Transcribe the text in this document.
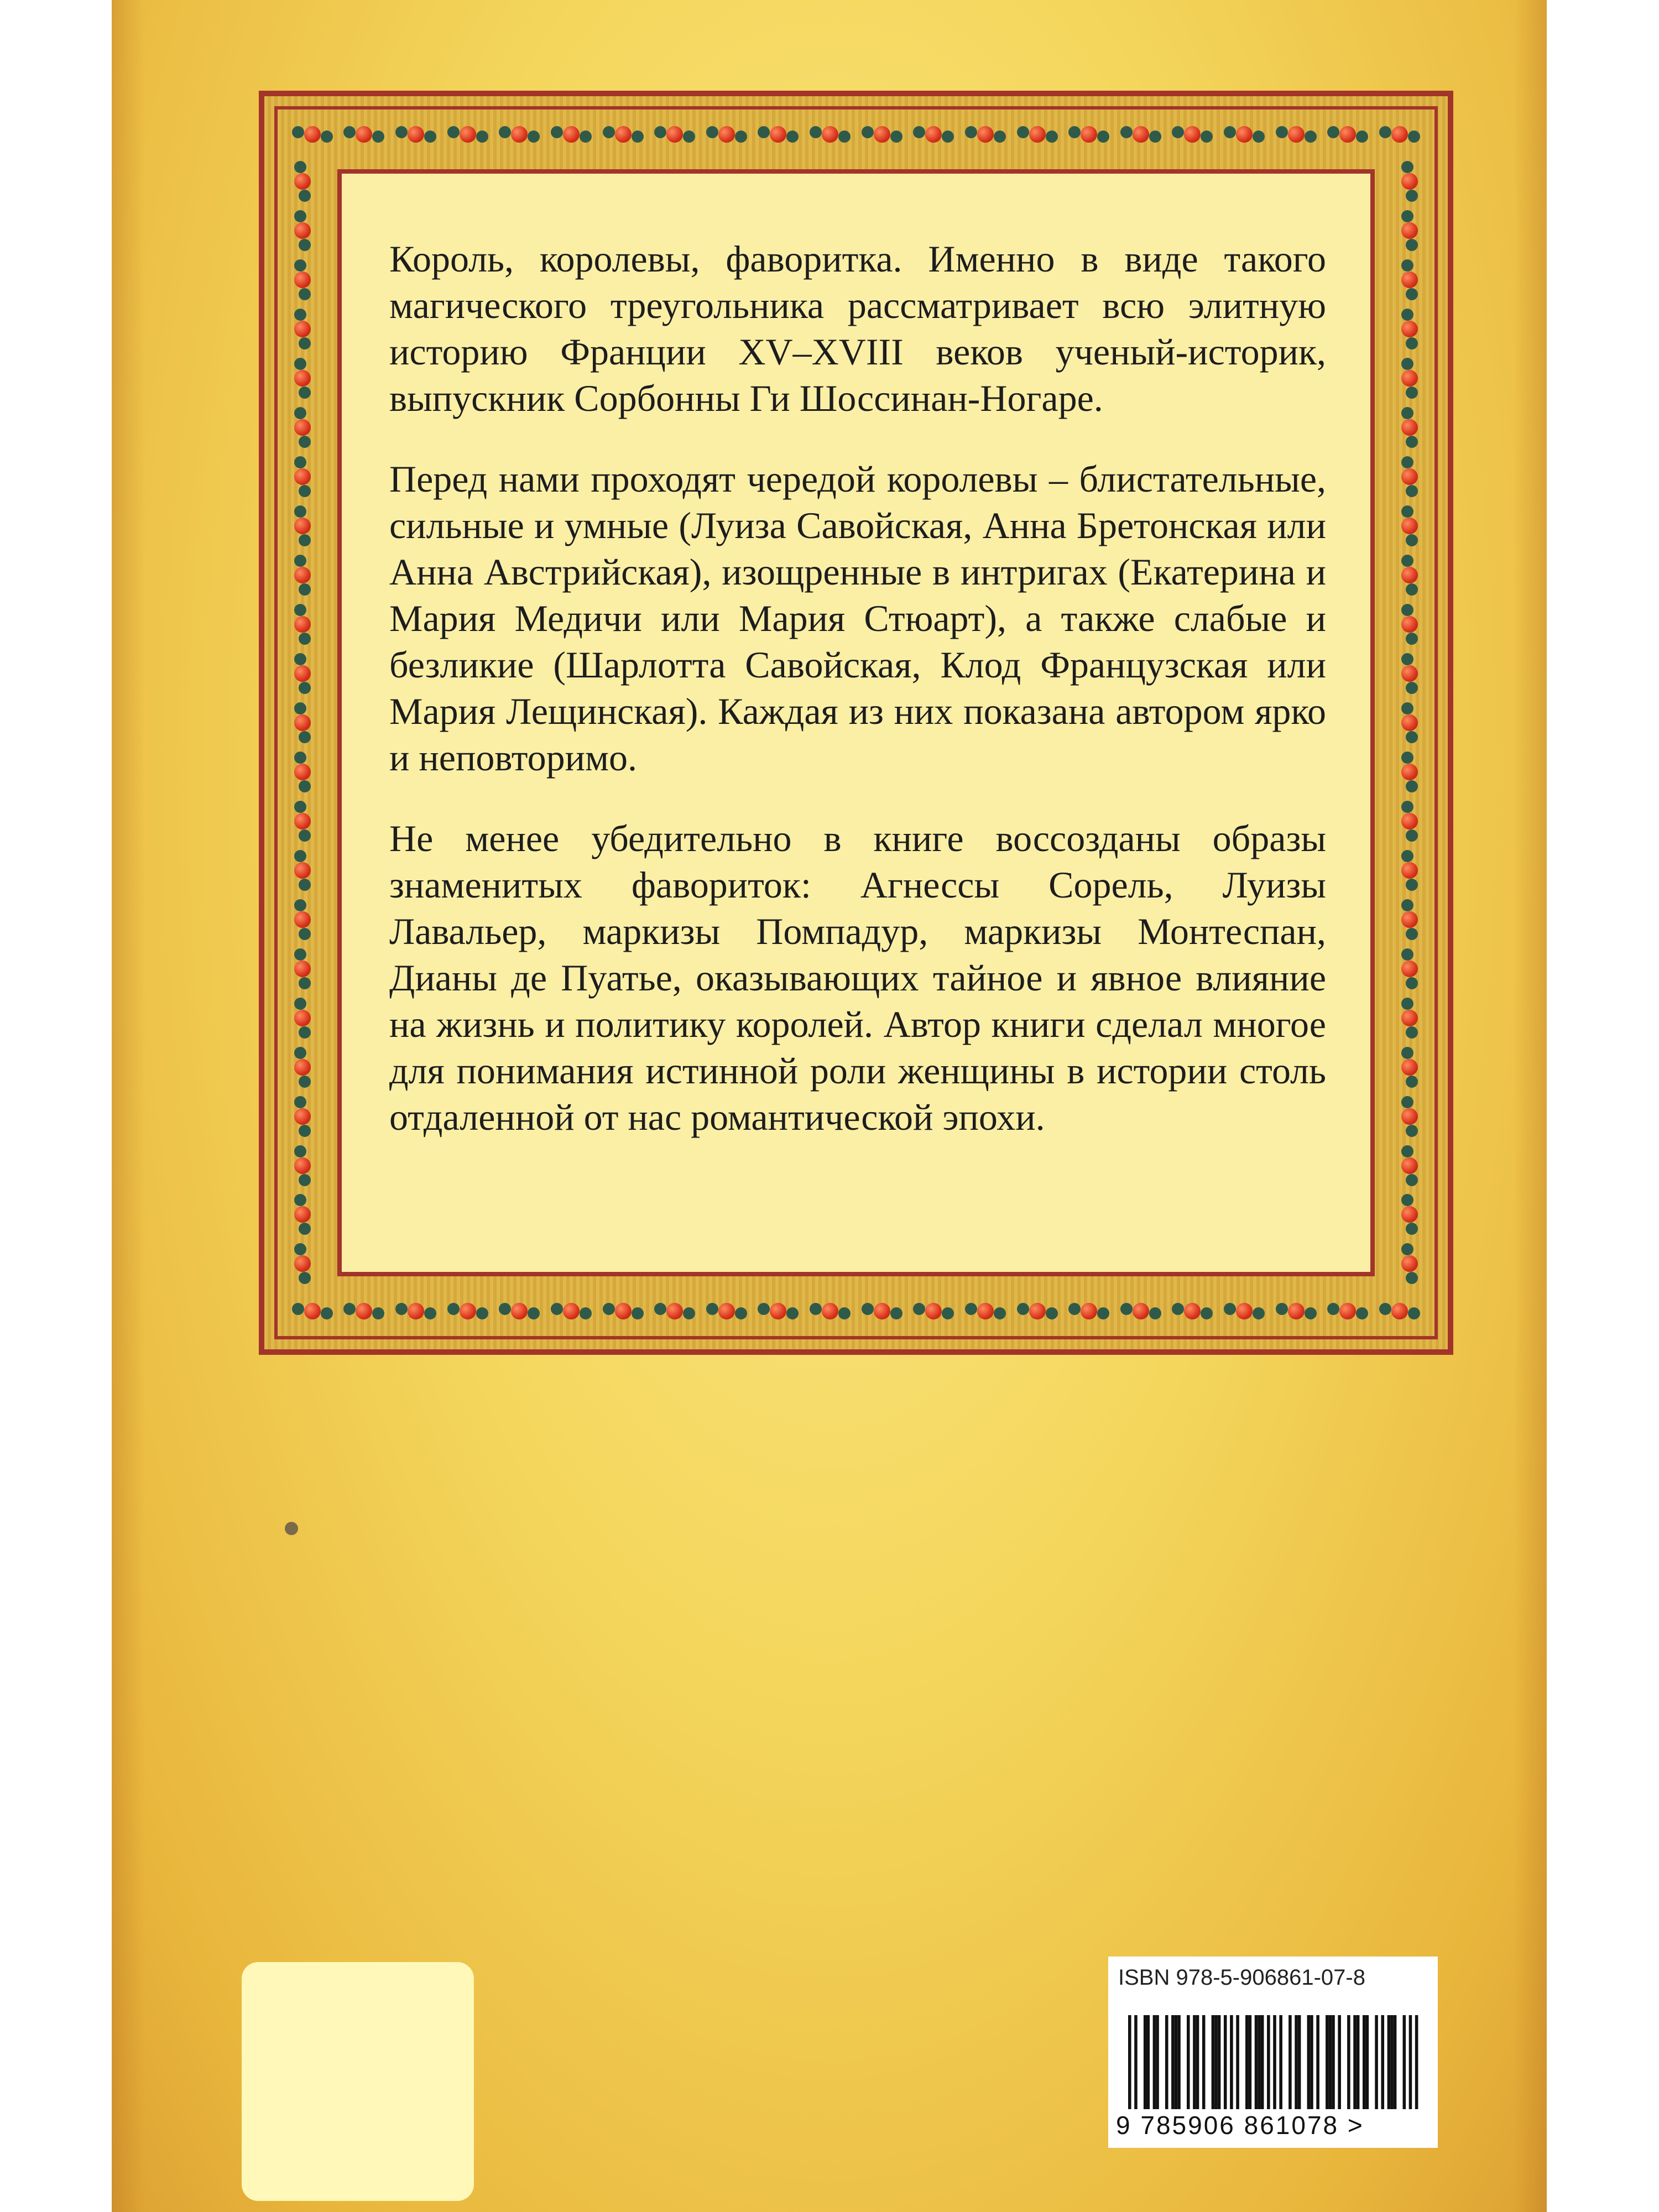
Король, королевы, фаворитка. Именно в виде такого магического треугольника рассматривает всю элитную историю Франции XV–XVIII веков ученый-историк, выпускник Сорбонны Ги Шоссинан-Ногаре.

Перед нами проходят чередой королевы – блистательные, сильные и умные (Луиза Савойская, Анна Бретонская или Анна Австрийская), изощренные в интригах (Екатерина и Мария Медичи или Мария Стюарт), а также слабые и безликие (Шарлотта Савойская, Клод Французская или Мария Лещинская). Каждая из них показана автором ярко и неповторимо.

Не менее убедительно в книге воссозданы образы знаменитых фавориток: Агнессы Сорель, Луизы Лавальер, маркизы Помпадур, маркизы Монтеспан, Дианы де Пуатье, оказывающих тайное и явное влияние на жизнь и политику королей. Автор книги сделал многое для понимания истинной роли женщины в истории столь отдаленной от нас романтической эпохи.

ISBN 978-5-906861-07-8
9 785906 861078 >
